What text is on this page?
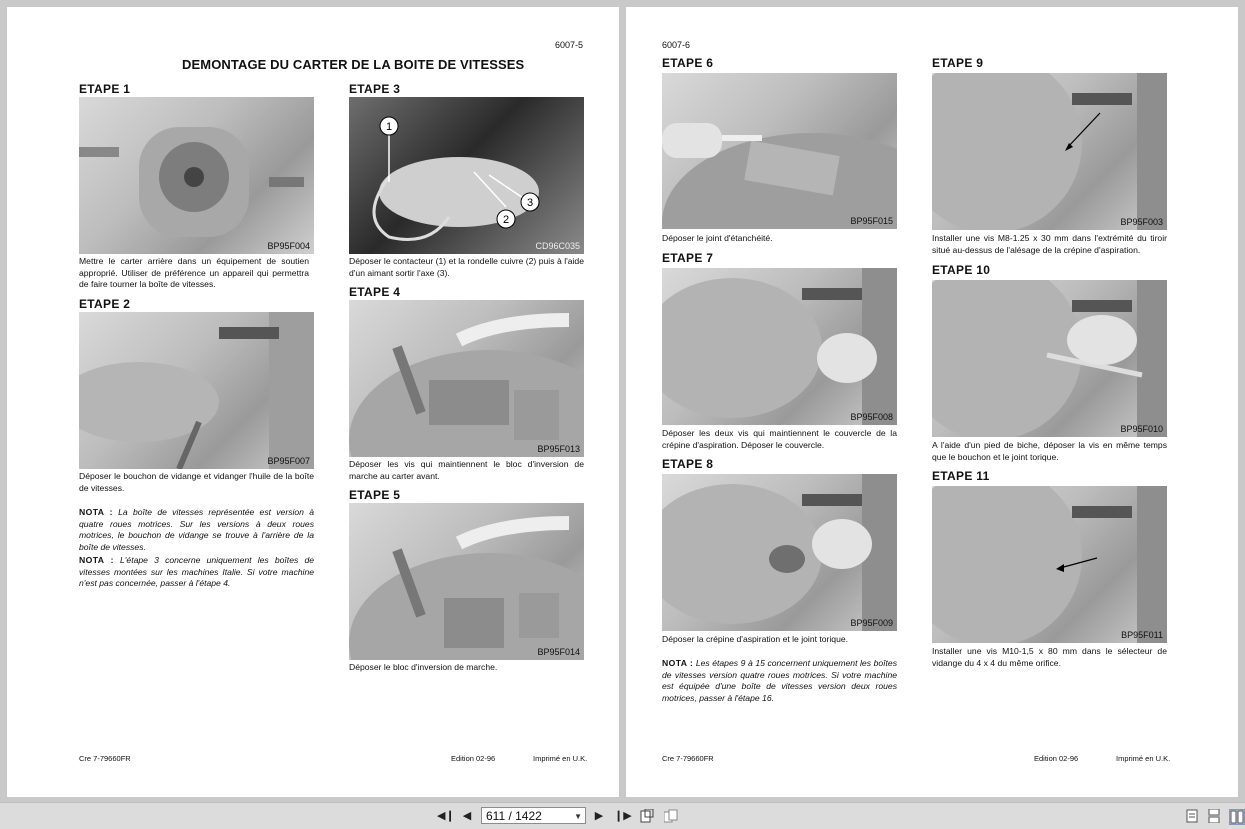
6007-5
DEMONTAGE DU CARTER DE LA BOITE DE VITESSES
ETAPE 1
BP95F004
Mettre le carter arrière dans un équipement de soutien approprié. Utiliser de préférence un appareil qui permettra de faire tourner la boîte de vitesses.
ETAPE 2
BP95F007
Déposer le bouchon de vidange et vidanger l'huile de la boîte de vitesses.
NOTA : La boîte de vitesses représentée est version à quatre roues motrices. Sur les versions à deux roues motrices, le bouchon de vidange se trouve à l'arrière de la boîte de vitesses.
NOTA : L'étape 3 concerne uniquement les boîtes de vitesses montées sur les machines Italie. Si votre machine n'est pas concernée, passer à l'étape 4.
ETAPE 3
1
2
3
CD96C035
Déposer le contacteur (1) et la rondelle cuivre (2) puis à l'aide d'un aimant sortir l'axe (3).
ETAPE 4
BP95F013
Déposer les vis qui maintiennent le bloc d'inversion de marche au carter avant.
ETAPE 5
BP95F014
Déposer le bloc d'inversion de marche.
Cre 7-79660FR	Edition 02-96	Imprimé en U.K.
6007-6
ETAPE 6
BP95F015
Déposer le joint d'étanchéité.
ETAPE 7
BP95F008
Déposer les deux vis qui maintiennent le couvercle de la crépine d'aspiration. Déposer le couvercle.
ETAPE 8
BP95F009
Déposer la crépine d'aspiration et le joint torique.
NOTA : Les étapes 9 à 15 concernent uniquement les boîtes de vitesses version quatre roues motrices. Si votre machine est équipée d'une boîte de vitesses version deux roues motrices, passer à l'étape 16.
ETAPE 9
BP95F003
Installer une vis M8-1.25 x 30 mm dans l'extrémité du tiroir situé au-dessus de l'alésage de la crépine d'aspiration.
ETAPE 10
BP95F010
A l'aide d'un pied de biche, déposer la vis en même temps que le bouchon et le joint torique.
ETAPE 11
BP95F011
Installer une vis M10-1,5 x 80 mm dans le sélecteur de vidange du 4 x 4 du même orifice.
Cre 7-79660FR	Edition 02-96	Imprimé en U.K.
◀❙ ◀	611 / 1422	▼ ▶ ❙▶
